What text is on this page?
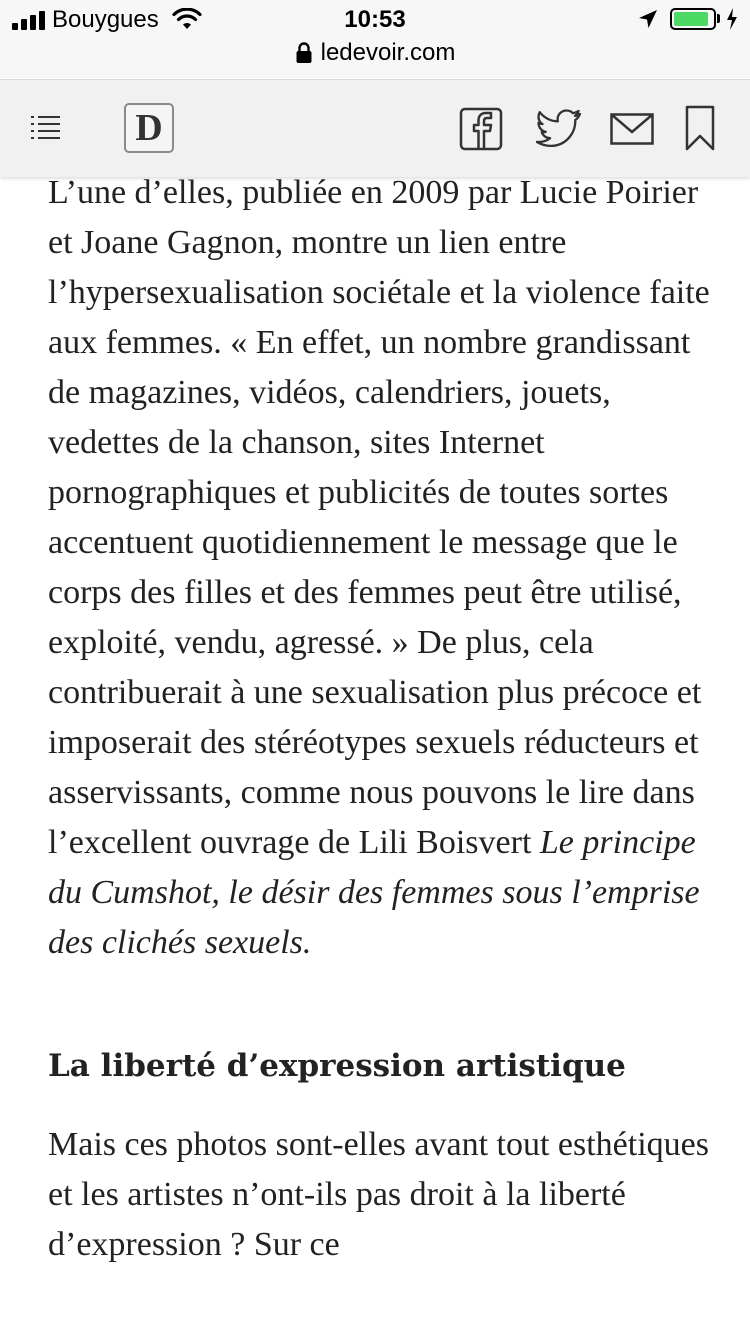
Bouygues	10:53
ledevoir.com
D

L’une d’elles, publiée en 2009 par Lucie Poirier et Joane Gagnon, montre un lien entre l’hypersexualisation sociétale et la violence faite aux femmes. « En effet, un nombre grandissant de magazines, vidéos, calendriers, jouets, vedettes de la chanson, sites Internet pornographiques et publicités de toutes sortes accentuent quotidiennement le message que le corps des filles et des femmes peut être utilisé, exploité, vendu, agressé. » De plus, cela contribuerait à une sexualisation plus précoce et imposerait des stéréotypes sexuels réducteurs et asservissants, comme nous pouvons le lire dans l’excellent ouvrage de Lili Boisvert Le principe du Cumshot, le désir des femmes sous l’emprise des clichés sexuels.

La liberté d’expression artistique

Mais ces photos sont-elles avant tout esthétiques et les artistes n’ont-ils pas droit à la liberté d’expression ? Sur ce
